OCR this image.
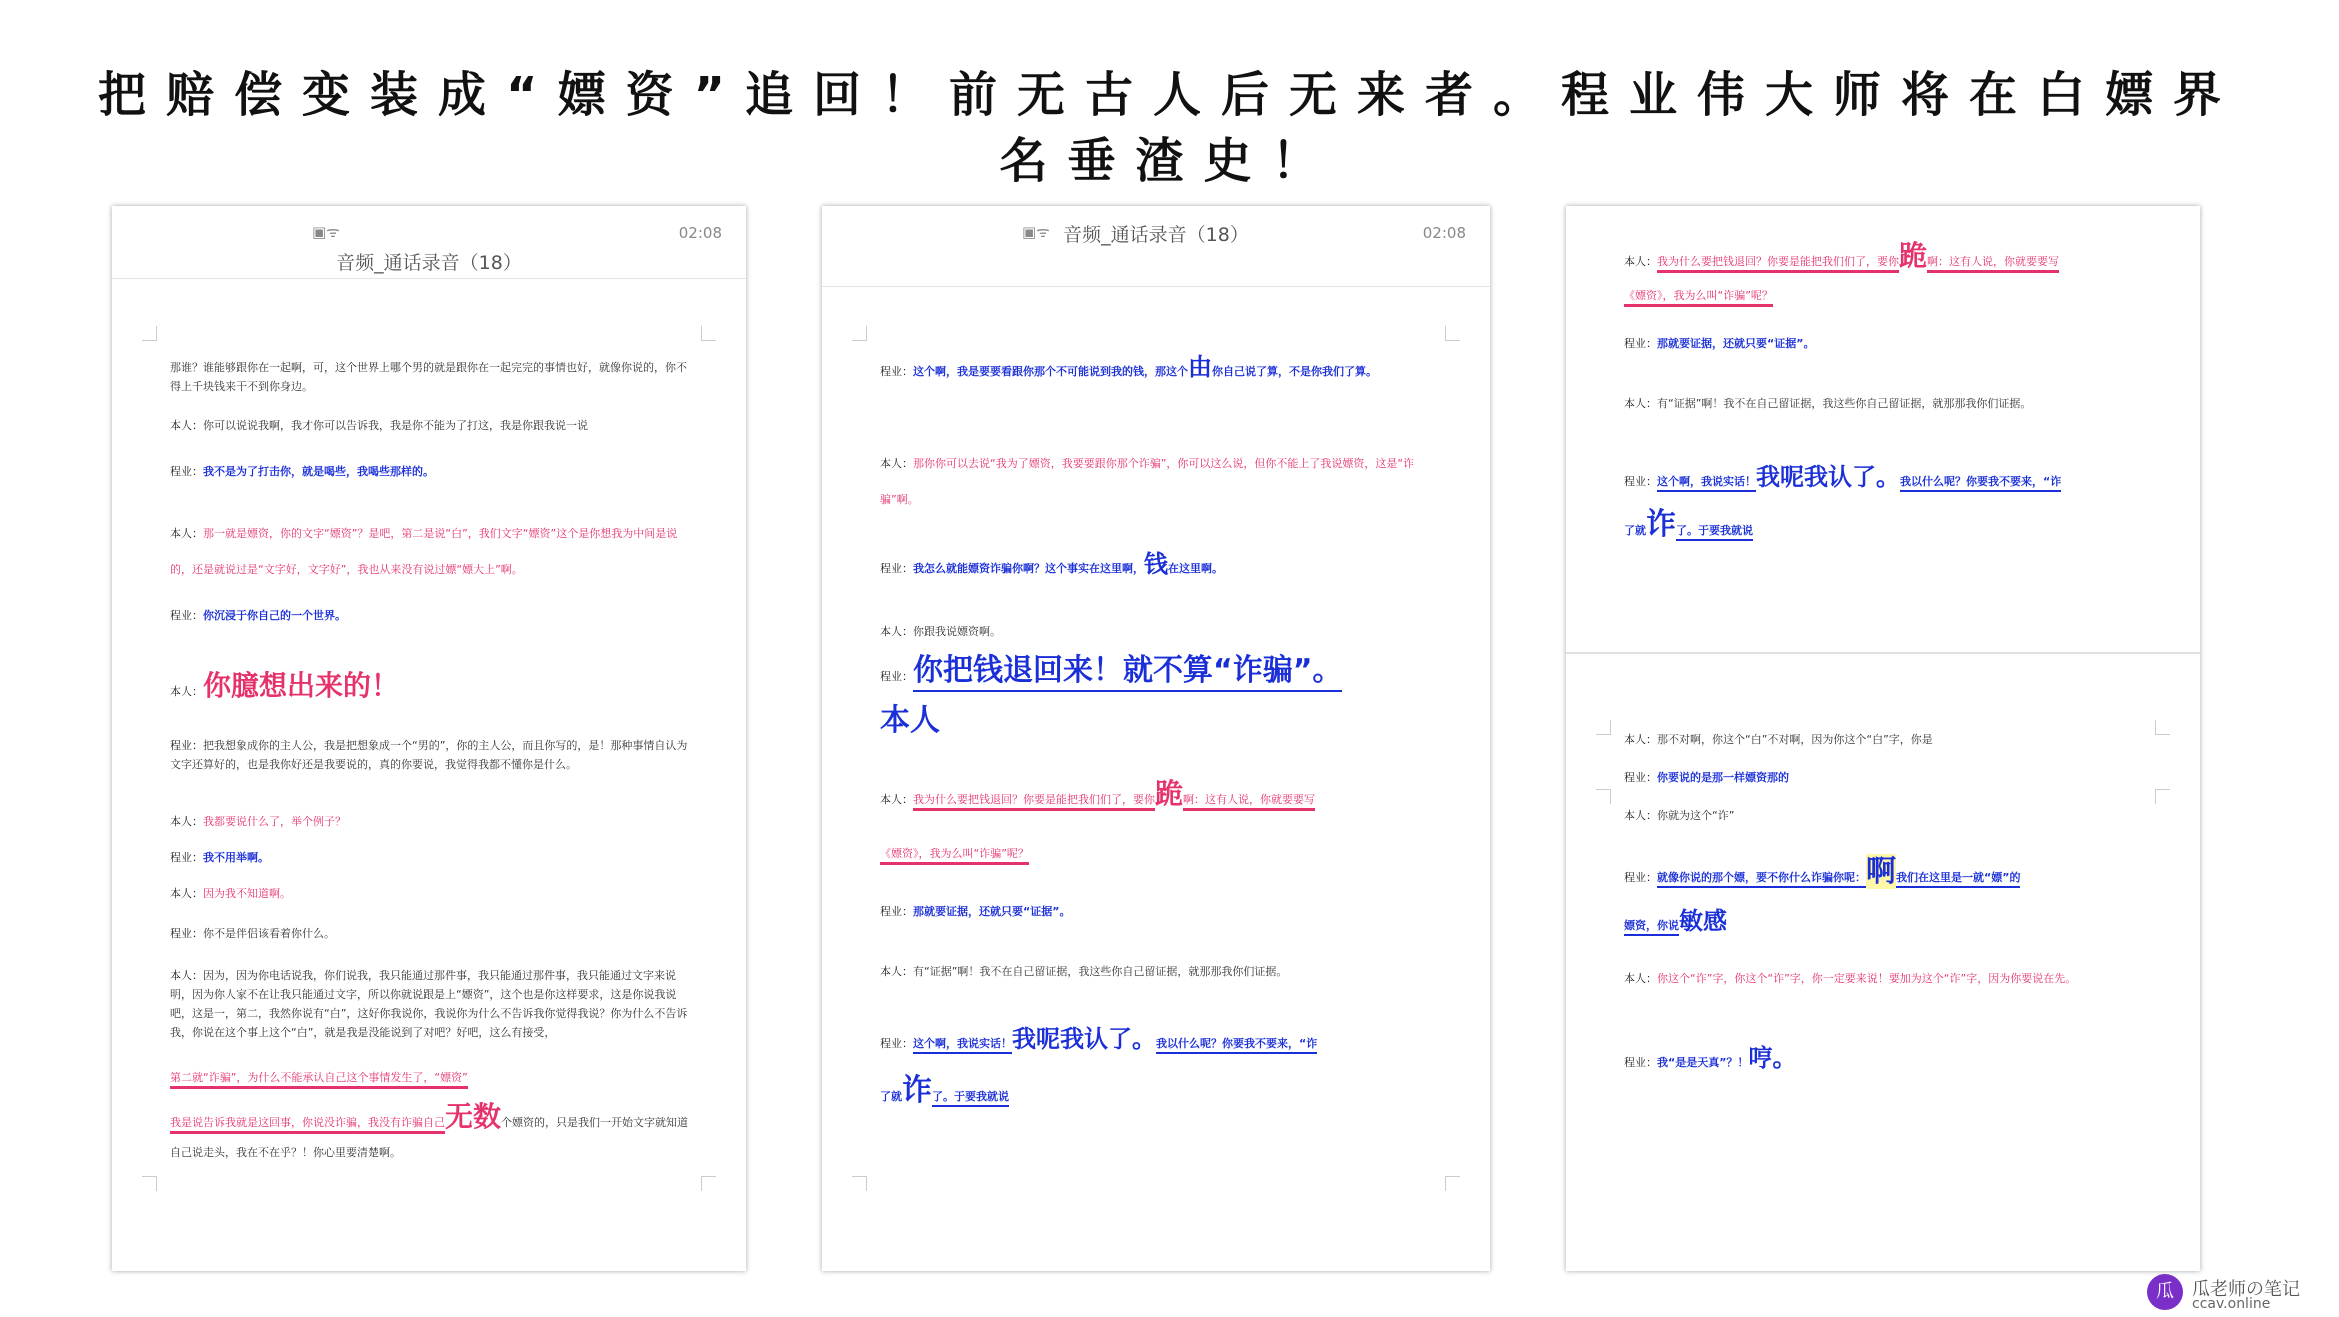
把赔偿变装成“嫖资”追回！前无古人后无来者。程业伟大师将在白嫖界
名垂渣史！
▣ᯤ	02:08
音频_通话录音（18）
那谁？谁能够跟你在一起啊，可，这个世界上哪个男的就是跟你在一起完完的事情也好，就像你说的，你不得上千块钱来干不到你身边。
本人：你可以说说我啊，我才你可以告诉我，我是你不能为了打这，我是你跟我说一说
程业：我不是为了打击你，就是喝些，我喝些那样的。
本人：那一就是嫖资，你的文字“嫖资”？是吧，第二是说“白”，我们文字“嫖资”这个是你想我为中间是说的，还是就说过是“文字好，文字好”，我也从来没有说过嫖“嫖大上”啊。
程业：你沉浸于你自己的一个世界。
本人：你臆想出来的！
程业：把我想象成你的主人公，我是把想象成一个“男的”，你的主人公，而且你写的，是！那种事情自认为文字还算好的，也是我你好还是我要说的，真的你要说，我觉得我都不懂你是什么。
本人：我都要说什么了，举个例子？
程业：我不用举啊。
本人：因为我不知道啊。
程业：你不是伴侣该看着你什么。
本人：因为，因为你电话说我，你们说我，我只能通过那件事，我只能通过那件事，我只能通过文字来说明，因为你人家不在让我只能通过文字，所以你就说跟是上“嫖资”，这个也是你这样要求，这是你说我说吧，这是一，第二，我然你说有“白”，这好你我说你，我说你为什么不告诉我你觉得我说？你为什么不告诉我，你说在这个事上这个“白”，就是我是没能说到了对吧？好吧，这么有接受，
第二就“诈骗”，为什么不能承认自己这个事情发生了，“嫖资”
我是说告诉我就是这回事，你说没诈骗，我没有诈骗自己无数个嫖资的，只是我们一开始文字就知道自己说走头，我在不在乎？！你心里要清楚啊。
▣ᯤ	02:08
音频_通话录音（18）
程业：这个啊，我是要要看跟你那个不可能说到我的钱，那这个由你自己说了算，不是你我们了算。
本人：那你你可以去说“我为了嫖资，我要要跟你那个诈骗”，你可以这么说，但你不能上了我说嫖资，这是“诈骗”啊。
程业：我怎么就能嫖资诈骗你啊？这个事实在这里啊，钱在这里啊。
本人：你跟我说嫖资啊。
程业：你把钱退回来！就不算“诈骗”。
本人
本人：我为什么要把钱退回？你要是能把我们们了，要你跪啊：这有人说，你就要要写
《嫖资》，我为么叫“诈骗”呢？
程业：那就要证据，还就只要“证据”。
本人：有“证据”啊！我不在自己留证据，我这些你自己留证据，就那那我你们证据。
程业：这个啊，我说实话！我呢我认了。我以什么呢？你要我不要来，“诈
了就诈了。于要我就说
本人：我为什么要把钱退回？你要是能把我们们了，要你跪啊：这有人说，你就要要写
《嫖资》，我为么叫“诈骗”呢？
程业：那就要证据，还就只要“证据”。
本人：有“证据”啊！我不在自己留证据，我这些你自己留证据，就那那我你们证据。
程业：这个啊，我说实话！我呢我认了。我以什么呢？你要我不要来，“诈
了就诈了。于要我就说
本人：那不对啊，你这个“白”不对啊，因为你这个“白”字，你是
程业：你要说的是那一样嫖资那的
本人：你就为这个“诈”
程业：就像你说的那个嫖，要不你什么诈骗你呢：啊我们在这里是一就“嫖”的
嫖资，你说敏感
本人：你这个“诈”字，你这个“诈”字，你一定要来说！要加为这个“诈”字，因为你要说在先。
程业：我“是是天真”？！哼。
瓜	瓜老师の笔记
ccav.online
